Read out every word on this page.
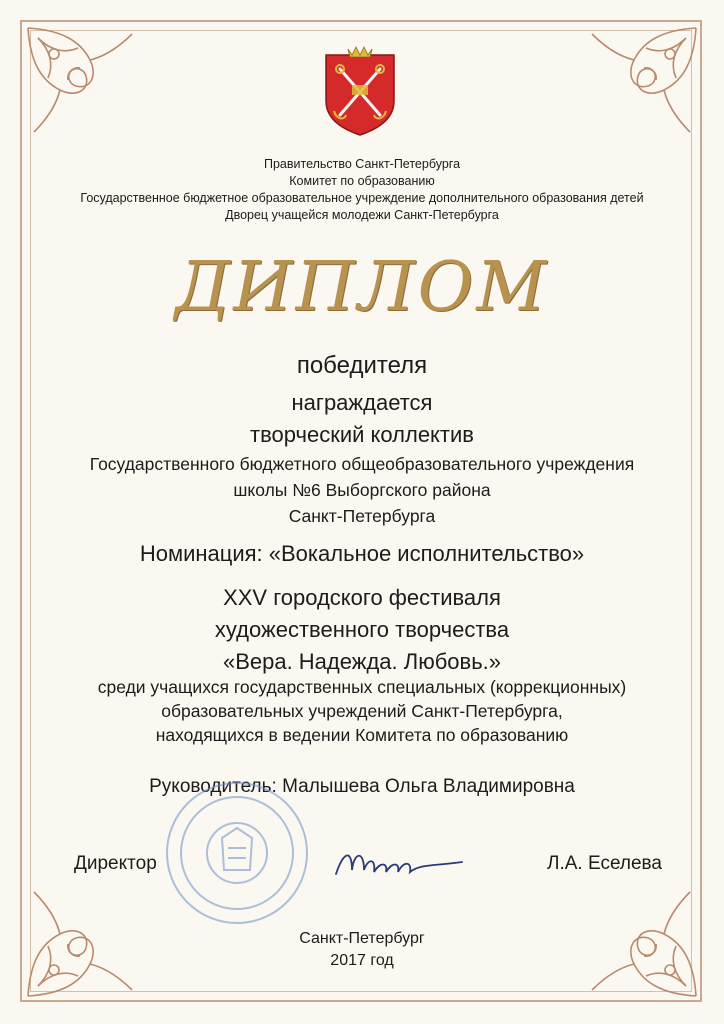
Правительство Санкт-Петербурга
Комитет по образованию
Государственное бюджетное образовательное учреждение дополнительного образования детей
Дворец учащейся молодежи Санкт-Петербурга
ДИПЛОМ
победителя
награждается
творческий коллектив
Государственного бюджетного общеобразовательного учреждения
школы №6 Выборгского района
Санкт-Петербурга
Номинация: «Вокальное исполнительство»
XXV городского фестиваля
художественного творчества
«Вера. Надежда. Любовь.»
среди учащихся государственных специальных (коррекционных)
образовательных учреждений Санкт-Петербурга,
находящихся в ведении Комитета по образованию
Руководитель: Малышева Ольга Владимировна
Директор	Л.А. Еселева
Санкт-Петербург
2017 год
